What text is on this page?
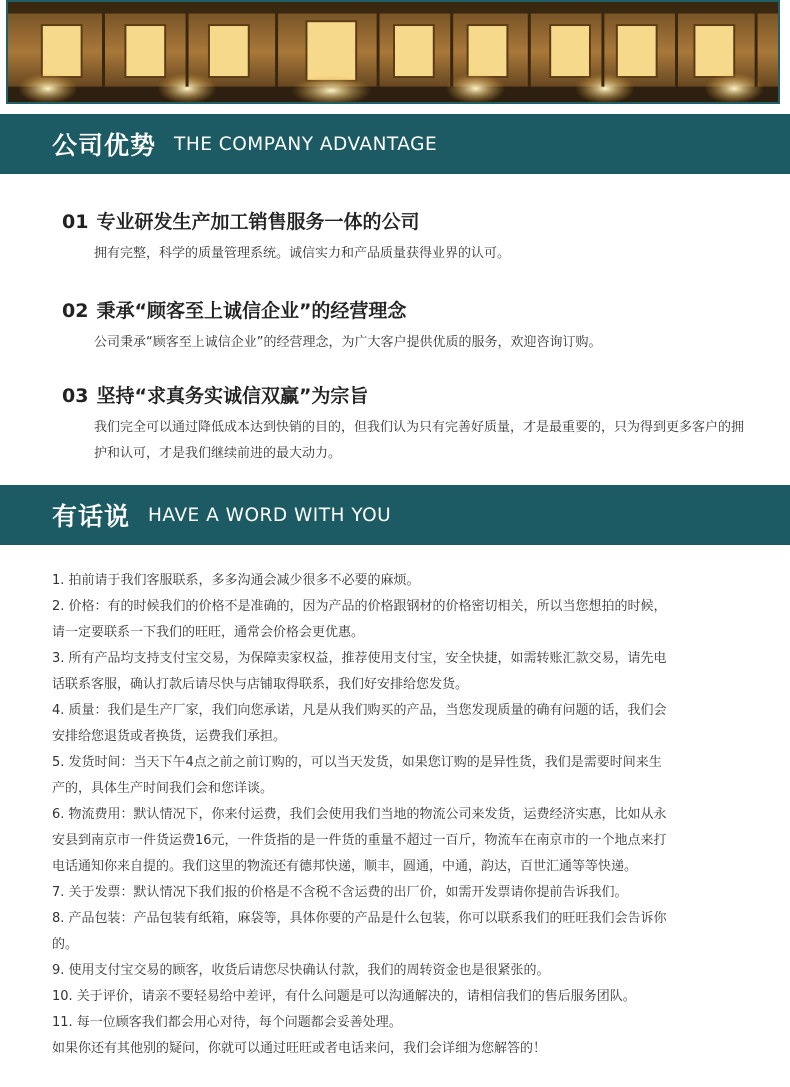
公司优势 THE COMPANY ADVANTAGE
01 专业研发生产加工销售服务一体的公司
拥有完整，科学的质量管理系统。诚信实力和产品质量获得业界的认可。
02 秉承“顾客至上诚信企业”的经营理念
公司秉承“顾客至上诚信企业”的经营理念，为广大客户提供优质的服务，欢迎咨询订购。
03 坚持“求真务实诚信双赢”为宗旨
我们完全可以通过降低成本达到快销的目的，但我们认为只有完善好质量，才是最重要的，只为得到更多客户的拥护和认可，才是我们继续前进的最大动力。
有话说 HAVE A WORD WITH YOU
1. 拍前请于我们客服联系，多多沟通会减少很多不必要的麻烦。
2. 价格：有的时候我们的价格不是准确的，因为产品的价格跟钢材的价格密切相关，所以当您想拍的时候，
请一定要联系一下我们的旺旺，通常会价格会更优惠。
3. 所有产品均支持支付宝交易，为保障卖家权益，推荐使用支付宝，安全快捷，如需转账汇款交易，请先电
话联系客服，确认打款后请尽快与店铺取得联系，我们好安排给您发货。
4. 质量：我们是生产厂家，我们向您承诺，凡是从我们购买的产品，当您发现质量的确有问题的话，我们会
安排给您退货或者换货，运费我们承担。
5. 发货时间：当天下午4点之前之前订购的，可以当天发货，如果您订购的是异性货，我们是需要时间来生
产的，具体生产时间我们会和您详谈。
6. 物流费用：默认情况下，你来付运费，我们会使用我们当地的物流公司来发货，运费经济实惠，比如从永
安县到南京市一件货运费16元，一件货指的是一件货的重量不超过一百斤，物流车在南京市的一个地点来打
电话通知你来自提的。我们这里的物流还有德邦快递，顺丰，圆通，中通，韵达，百世汇通等等快递。
7. 关于发票：默认情况下我们报的价格是不含税不含运费的出厂价，如需开发票请你提前告诉我们。
8. 产品包装：产品包装有纸箱，麻袋等，具体你要的产品是什么包装，你可以联系我们的旺旺我们会告诉你
的。
9. 使用支付宝交易的顾客，收货后请您尽快确认付款，我们的周转资金也是很紧张的。
10. 关于评价，请亲不要轻易给中差评，有什么问题是可以沟通解决的，请相信我们的售后服务团队。
11. 每一位顾客我们都会用心对待，每个问题都会妥善处理。
如果你还有其他别的疑问，你就可以通过旺旺或者电话来问，我们会详细为您解答的！
